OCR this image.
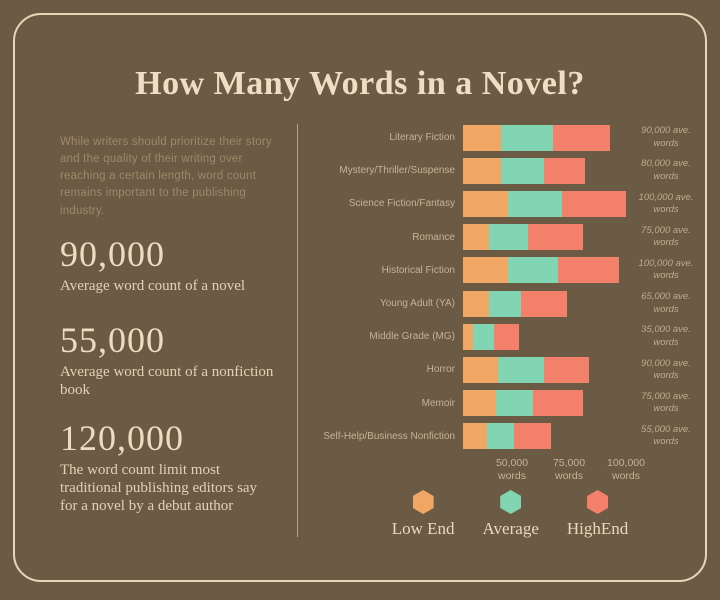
How Many Words in a Novel?

While writers should prioritize their story and the quality of their writing over reaching a certain length, word count remains important to the publishing industry.

90,000
Average word count of a novel
55,000
Average word count of a nonfiction book
120,000
The word count limit most traditional publishing editors say for a novel by a debut author
Literary Fiction
90,000 ave. words
Mystery/Thriller/Suspense
80,000 ave. words
Science Fiction/Fantasy
100,000 ave. words
Romance
75,000 ave. words
Historical Fiction
100,000 ave. words
Young Adult (YA)
65,000 ave. words
Middle Grade (MG)
35,000 ave. words
Horror
90,000 ave. words
Memoir
75,000 ave. words
Self-Help/Business Nonfiction
55,000 ave. words
50,000 words
75,000 words
100,000 words
Low End Average HighEnd
